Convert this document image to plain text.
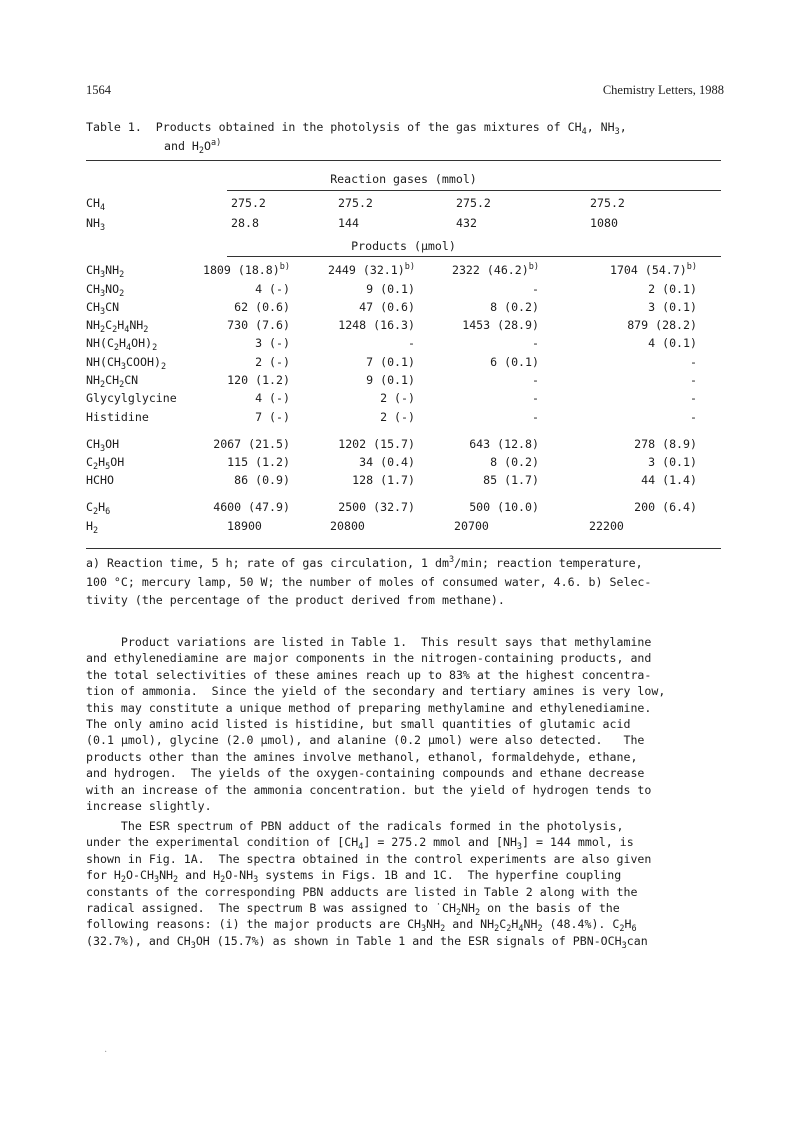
1564	Chemistry Letters, 1988
Table 1.  Products obtained in the photolysis of the gas mixtures of $CH_4$, $NH_3$,
and $H_2O^{a)}$
Reaction gases (mmol)
$CH_4$	275.2	275.2	275.2	275.2
$NH_3$	28.8	144	432	1080
Products (μmol)
$CH_3NH_2$	1809 $(18.8)^{b)}$	2449 $(32.1)^{b)}$	2322 $(46.2)^{b)}$	1704 $(54.7)^{b)}$
$CH_3NO_2$	4 (-)	9 (0.1)	-	2 (0.1)
$CH_3CN$	62 (0.6)	47 (0.6)	8 (0.2)	3 (0.1)
$NH_2C_2H_4NH_2$	730 (7.6)	1248 (16.3)	1453 (28.9)	879 (28.2)
$NH(C_2H_4OH)_2$	3 (-)	-	-	4 (0.1)
$NH(CH_3COOH)_2$	2 (-)	7 (0.1)	6 (0.1)	-
$NH_2CH_2CN$	120 (1.2)	9 (0.1)	-	-
Glycylglycine	4 (-)	2 (-)	-	-
Histidine	7 (-)	2 (-)	-	-
$CH_3OH$	2067 (21.5)	1202 (15.7)	643 (12.8)	278 (8.9)
$C_2H_5OH$	115 (1.2)	34 (0.4)	8 (0.2)	3 (0.1)
HCHO	86 (0.9)	128 (1.7)	85 (1.7)	44 (1.4)
$C_2H_6$	4600 (47.9)	2500 (32.7)	500 (10.0)	200 (6.4)
$H_2$	18900	20800	20700	22200
a) Reaction time, 5 h; rate of gas circulation, 1 $dm^3/\min$; reaction temperature,
100 °C; mercury lamp, 50 W; the number of moles of consumed water, 4.6. b) Selec-
tivity (the percentage of the product derived from methane).
Product variations are listed in Table 1.  This result says that methylamine
and ethylenediamine are major components in the nitrogen-containing products, and
the total selectivities of these amines reach up to 83% at the highest concentra-
tion of ammonia.  Since the yield of the secondary and tertiary amines is very low,
this may constitute a unique method of preparing methylamine and ethylenediamine.
The only amino acid listed is histidine, but small quantities of glutamic acid
(0.1 μmol), glycine (2.0 μmol), and alanine (0.2 μmol) were also detected.   The
products other than the amines involve methanol, ethanol, formaldehyde, ethane,
and hydrogen.  The yields of the oxygen-containing compounds and ethane decrease
with an increase of the ammonia concentration. but the yield of hydrogen tends to
increase slightly.
The ESR spectrum of PBN adduct of the radicals formed in the photolysis,
under the experimental condition of $[CH_4] = 275.2$ mmol and $[NH_3] = 144$ mmol, is
shown in Fig. 1A.  The spectra obtained in the control experiments are also given
for $H_2O-CH_3NH_2$ and $H_2O-NH_3$ systems in Figs. 1B and 1C.  The hyperfine coupling
constants of the corresponding PBN adducts are listed in Table 2 along with the
radical assigned.  The spectrum B was assigned to $˙CH_2NH_2$ on the basis of the
following reasons: (i) the major products are $CH_3NH_2$ and $NH_2C_2H_4NH_2$ (48.4%). $C_2H_6$
(32.7%), and $CH_3OH$ (15.7%) as shown in Table 1 and the ESR signals of PBN-$OCH_3can$
·
